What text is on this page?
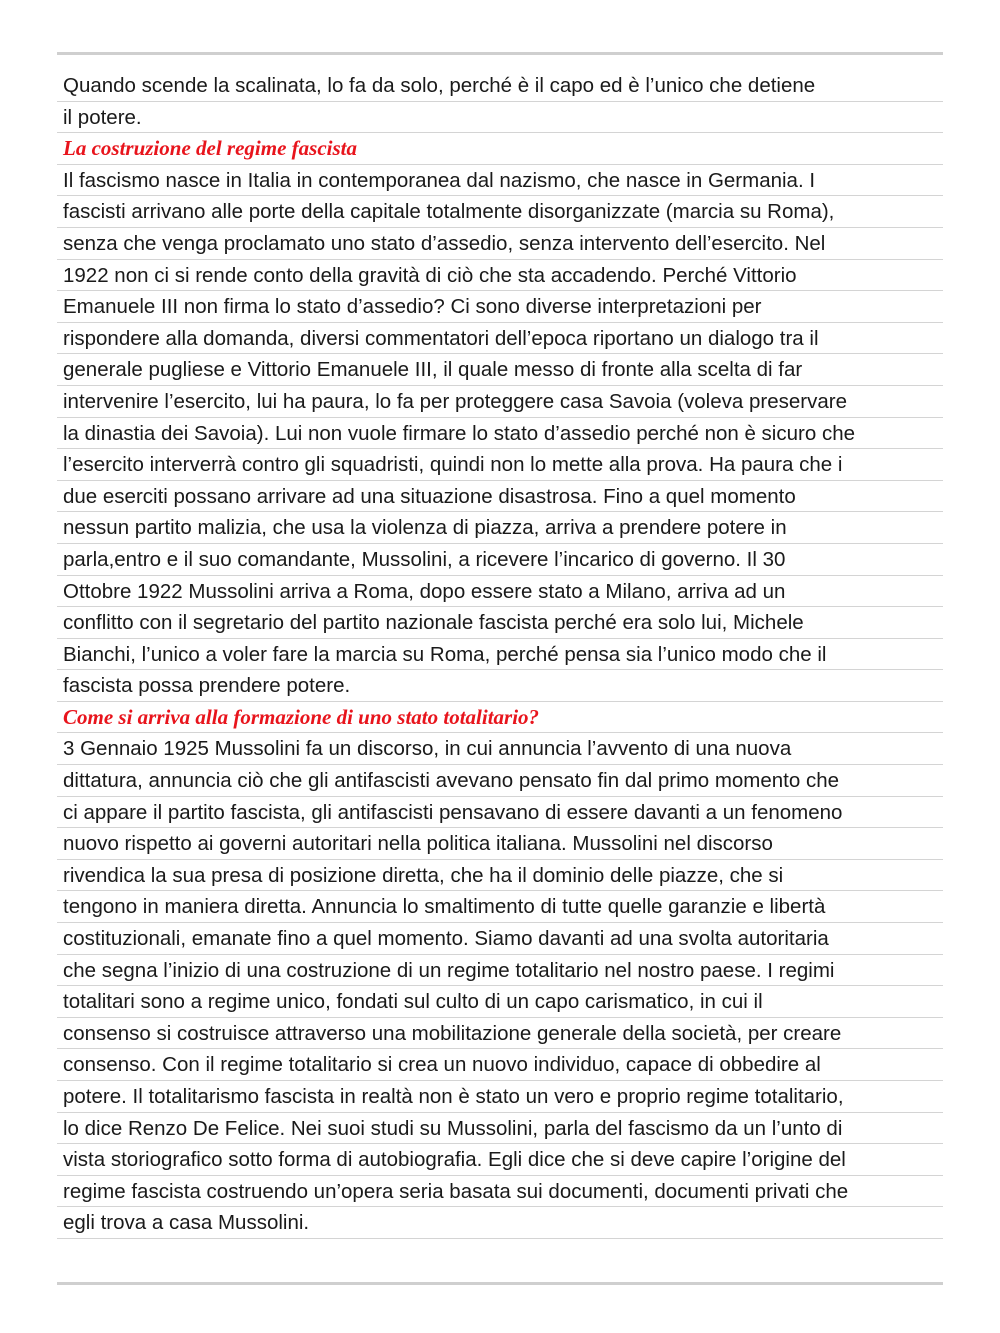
Quando scende la scalinata, lo fa da solo, perché è il capo ed è l’unico che detiene
il potere.
La costruzione del regime fascista
Il fascismo nasce in Italia in contemporanea dal nazismo, che nasce in Germania. I
fascisti arrivano alle porte della capitale totalmente disorganizzate (marcia su Roma),
senza che venga proclamato uno stato d’assedio, senza intervento dell’esercito. Nel
1922 non ci si rende conto della gravità di ciò che sta accadendo. Perché Vittorio
Emanuele III non firma lo stato d’assedio? Ci sono diverse interpretazioni per
rispondere alla domanda, diversi commentatori dell’epoca riportano un dialogo tra il
generale pugliese e Vittorio Emanuele III, il quale messo di fronte alla scelta di far
intervenire l’esercito, lui ha paura, lo fa per proteggere casa Savoia (voleva preservare
la dinastia dei Savoia). Lui non vuole firmare lo stato d’assedio perché non è sicuro che
l’esercito interverrà contro gli squadristi, quindi non lo mette alla prova. Ha paura che i
due eserciti possano arrivare ad una situazione disastrosa. Fino a quel momento
nessun partito malizia, che usa la violenza di piazza, arriva a prendere potere in
parla,entro e il suo comandante, Mussolini, a ricevere l’incarico di governo. Il 30
Ottobre 1922 Mussolini arriva a Roma, dopo essere stato a Milano, arriva ad un
conflitto con il segretario del partito nazionale fascista perché era solo lui, Michele
Bianchi, l’unico a voler fare la marcia su Roma, perché pensa sia l’unico modo che il
fascista possa prendere potere.
Come si arriva alla formazione di uno stato totalitario?
3 Gennaio 1925 Mussolini fa un discorso, in cui annuncia l’avvento di una nuova
dittatura, annuncia ciò che gli antifascisti avevano pensato fin dal primo momento che
ci appare il partito fascista, gli antifascisti pensavano di essere davanti a un fenomeno
nuovo rispetto ai governi autoritari nella politica italiana. Mussolini nel discorso
rivendica la sua presa di posizione diretta, che ha il dominio delle piazze, che si
tengono in maniera diretta. Annuncia lo smaltimento di tutte quelle garanzie e libertà
costituzionali, emanate fino a quel momento. Siamo davanti ad una svolta autoritaria
che segna l’inizio di una costruzione di un regime totalitario nel nostro paese. I regimi
totalitari sono a regime unico, fondati sul culto di un capo carismatico, in cui il
consenso si costruisce attraverso una mobilitazione generale della società, per creare
consenso. Con il regime totalitario si crea un nuovo individuo, capace di obbedire al
potere. Il totalitarismo fascista in realtà non è stato un vero e proprio regime totalitario,
lo dice Renzo De Felice. Nei suoi studi su Mussolini, parla del fascismo da un l’unto di
vista storiografico sotto forma di autobiografia. Egli dice che si deve capire l’origine del
regime fascista costruendo un’opera seria basata sui documenti, documenti privati che
egli trova a casa Mussolini.
